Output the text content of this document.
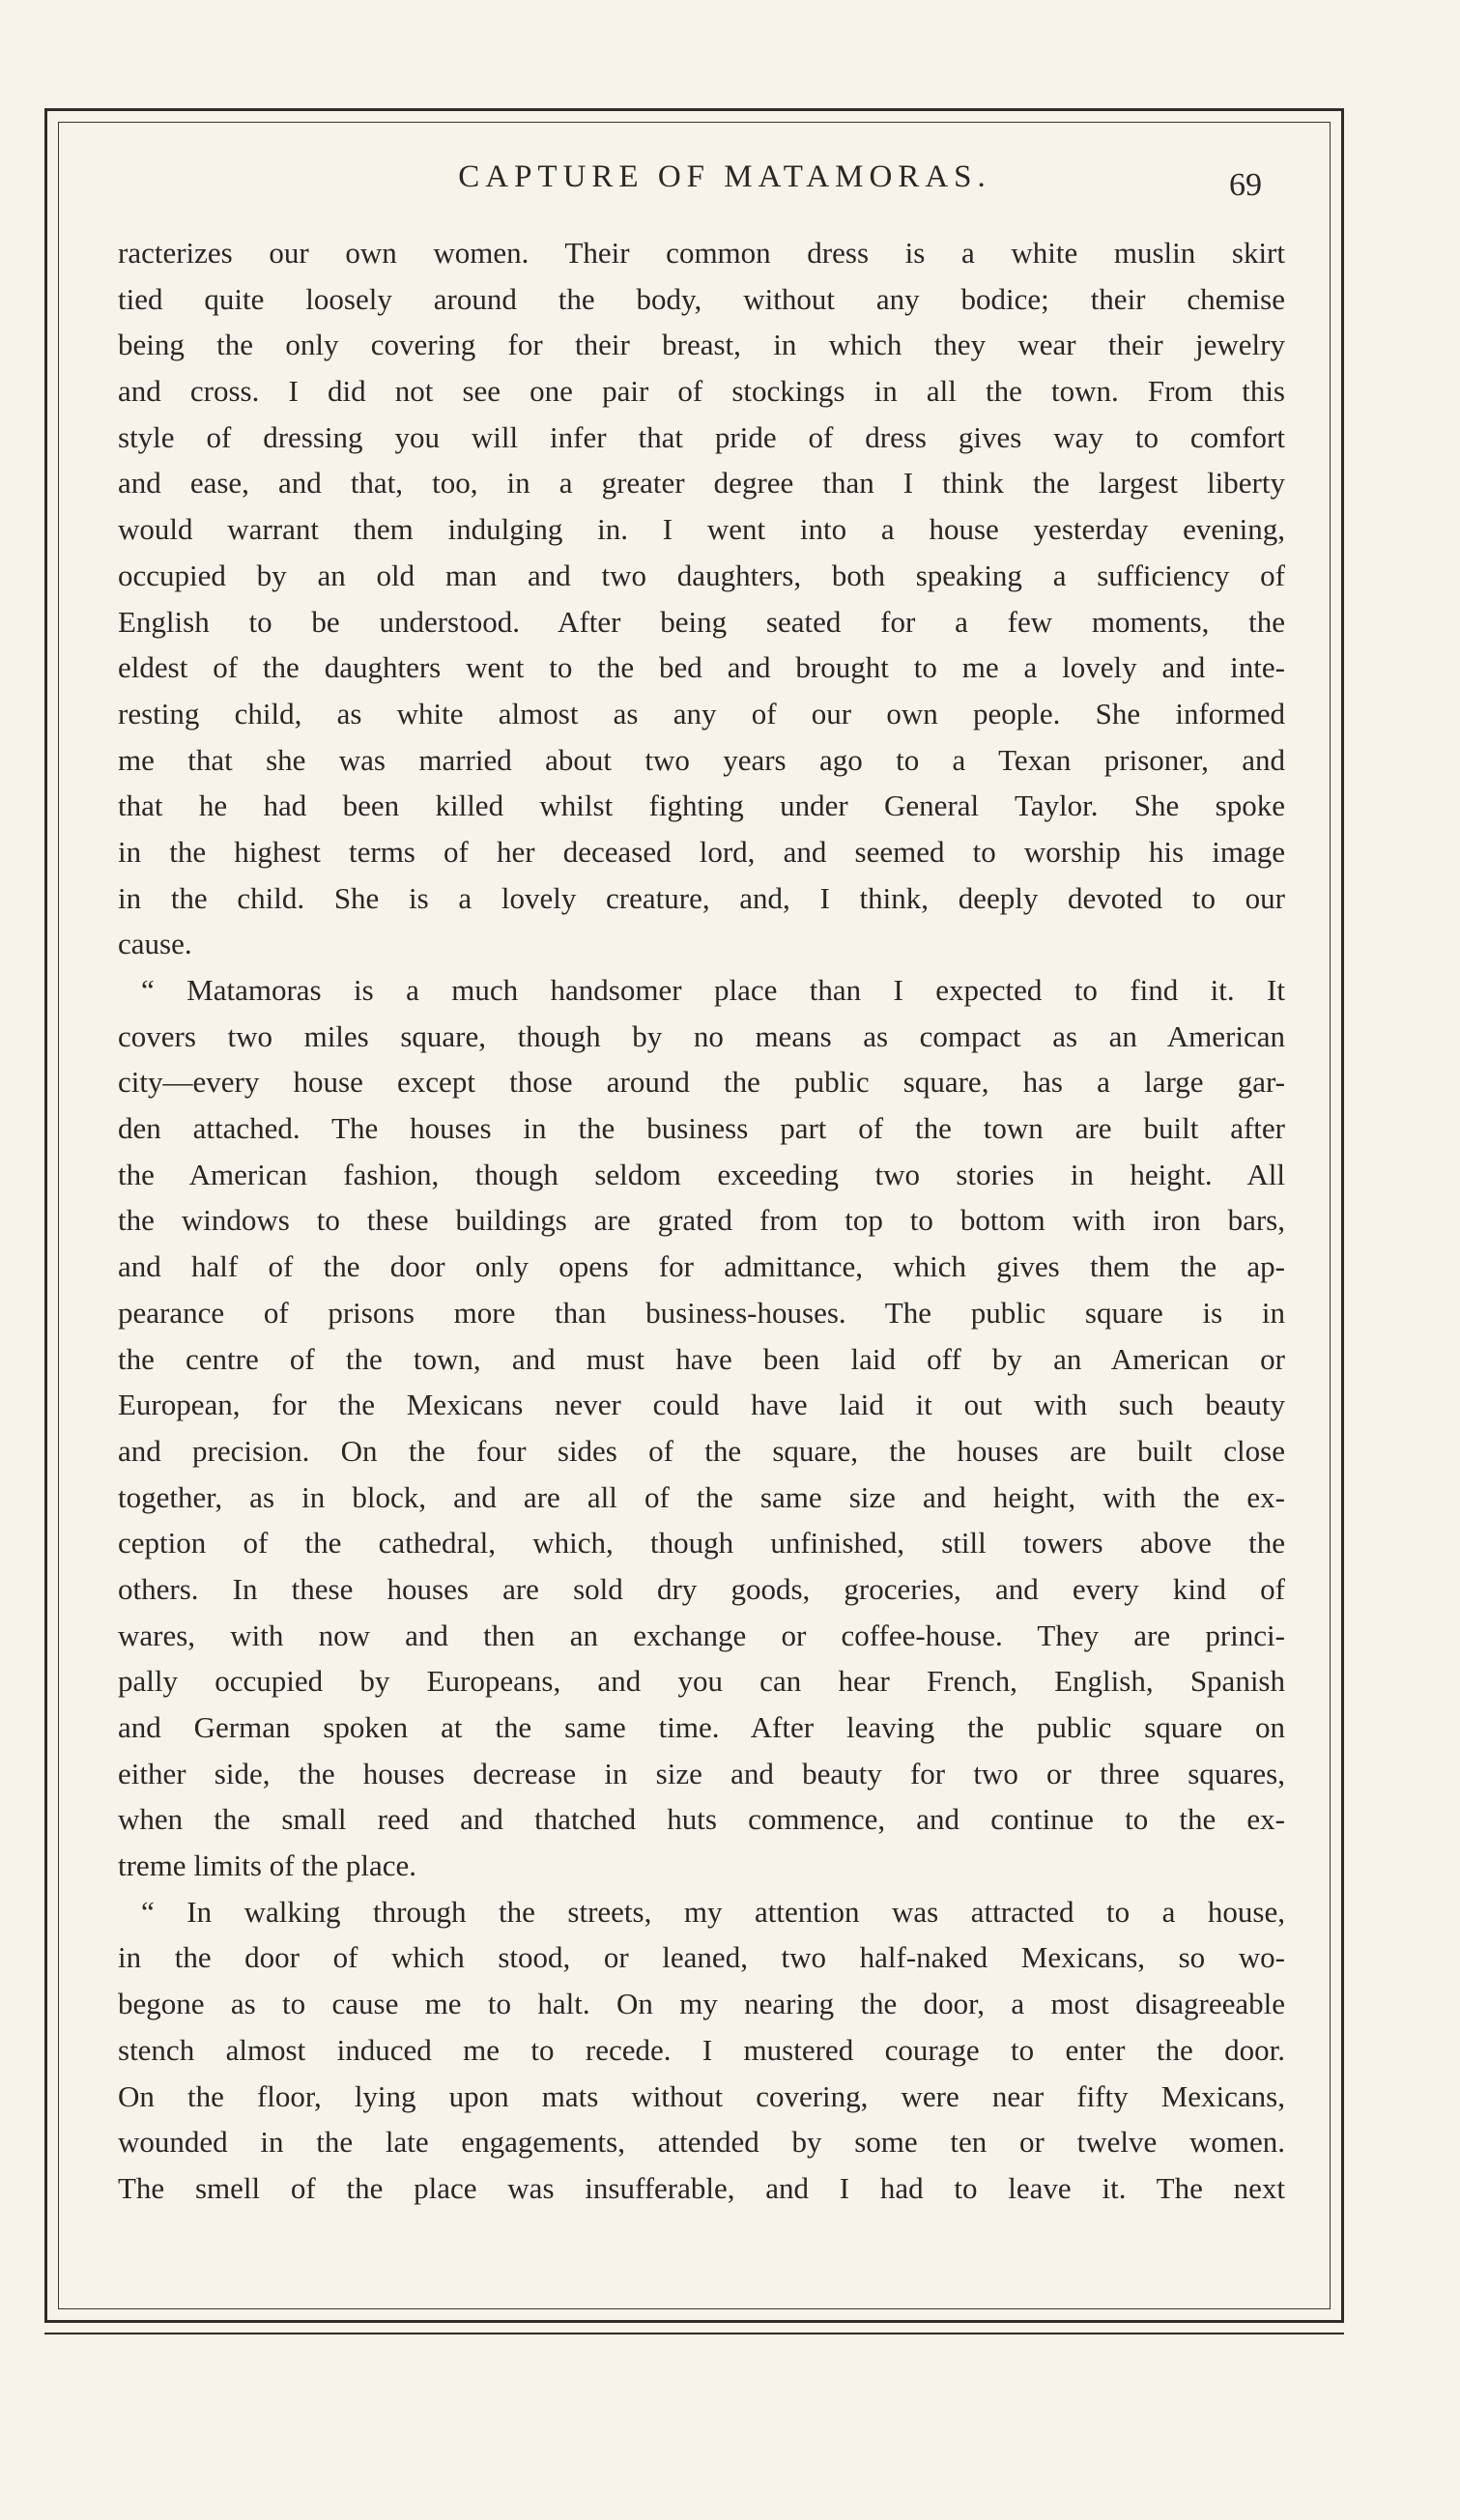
CAPTURE OF MATAMORAS.	69
racterizes our own women. Their common dress is a white muslin skirt
tied quite loosely around the body, without any bodice; their chemise
being the only covering for their breast, in which they wear their jewelry
and cross. I did not see one pair of stockings in all the town. From this
style of dressing you will infer that pride of dress gives way to comfort
and ease, and that, too, in a greater degree than I think the largest liberty
would warrant them indulging in. I went into a house yesterday evening,
occupied by an old man and two daughters, both speaking a sufficiency of
English to be understood. After being seated for a few moments, the
eldest of the daughters went to the bed and brought to me a lovely and inte-
resting child, as white almost as any of our own people. She informed
me that she was married about two years ago to a Texan prisoner, and
that he had been killed whilst fighting under General Taylor. She spoke
in the highest terms of her deceased lord, and seemed to worship his image
in the child. She is a lovely creature, and, I think, deeply devoted to our
cause.
“ Matamoras is a much handsomer place than I expected to find it. It
covers two miles square, though by no means as compact as an American
city—every house except those around the public square, has a large gar-
den attached. The houses in the business part of the town are built after
the American fashion, though seldom exceeding two stories in height. All
the windows to these buildings are grated from top to bottom with iron bars,
and half of the door only opens for admittance, which gives them the ap-
pearance of prisons more than business-houses. The public square is in
the centre of the town, and must have been laid off by an American or
European, for the Mexicans never could have laid it out with such beauty
and precision. On the four sides of the square, the houses are built close
together, as in block, and are all of the same size and height, with the ex-
ception of the cathedral, which, though unfinished, still towers above the
others. In these houses are sold dry goods, groceries, and every kind of
wares, with now and then an exchange or coffee-house. They are princi-
pally occupied by Europeans, and you can hear French, English, Spanish
and German spoken at the same time. After leaving the public square on
either side, the houses decrease in size and beauty for two or three squares,
when the small reed and thatched huts commence, and continue to the ex-
treme limits of the place.
“ In walking through the streets, my attention was attracted to a house,
in the door of which stood, or leaned, two half-naked Mexicans, so wo-
begone as to cause me to halt. On my nearing the door, a most disagreeable
stench almost induced me to recede. I mustered courage to enter the door.
On the floor, lying upon mats without covering, were near fifty Mexicans,
wounded in the late engagements, attended by some ten or twelve women.
The smell of the place was insufferable, and I had to leave it. The next
